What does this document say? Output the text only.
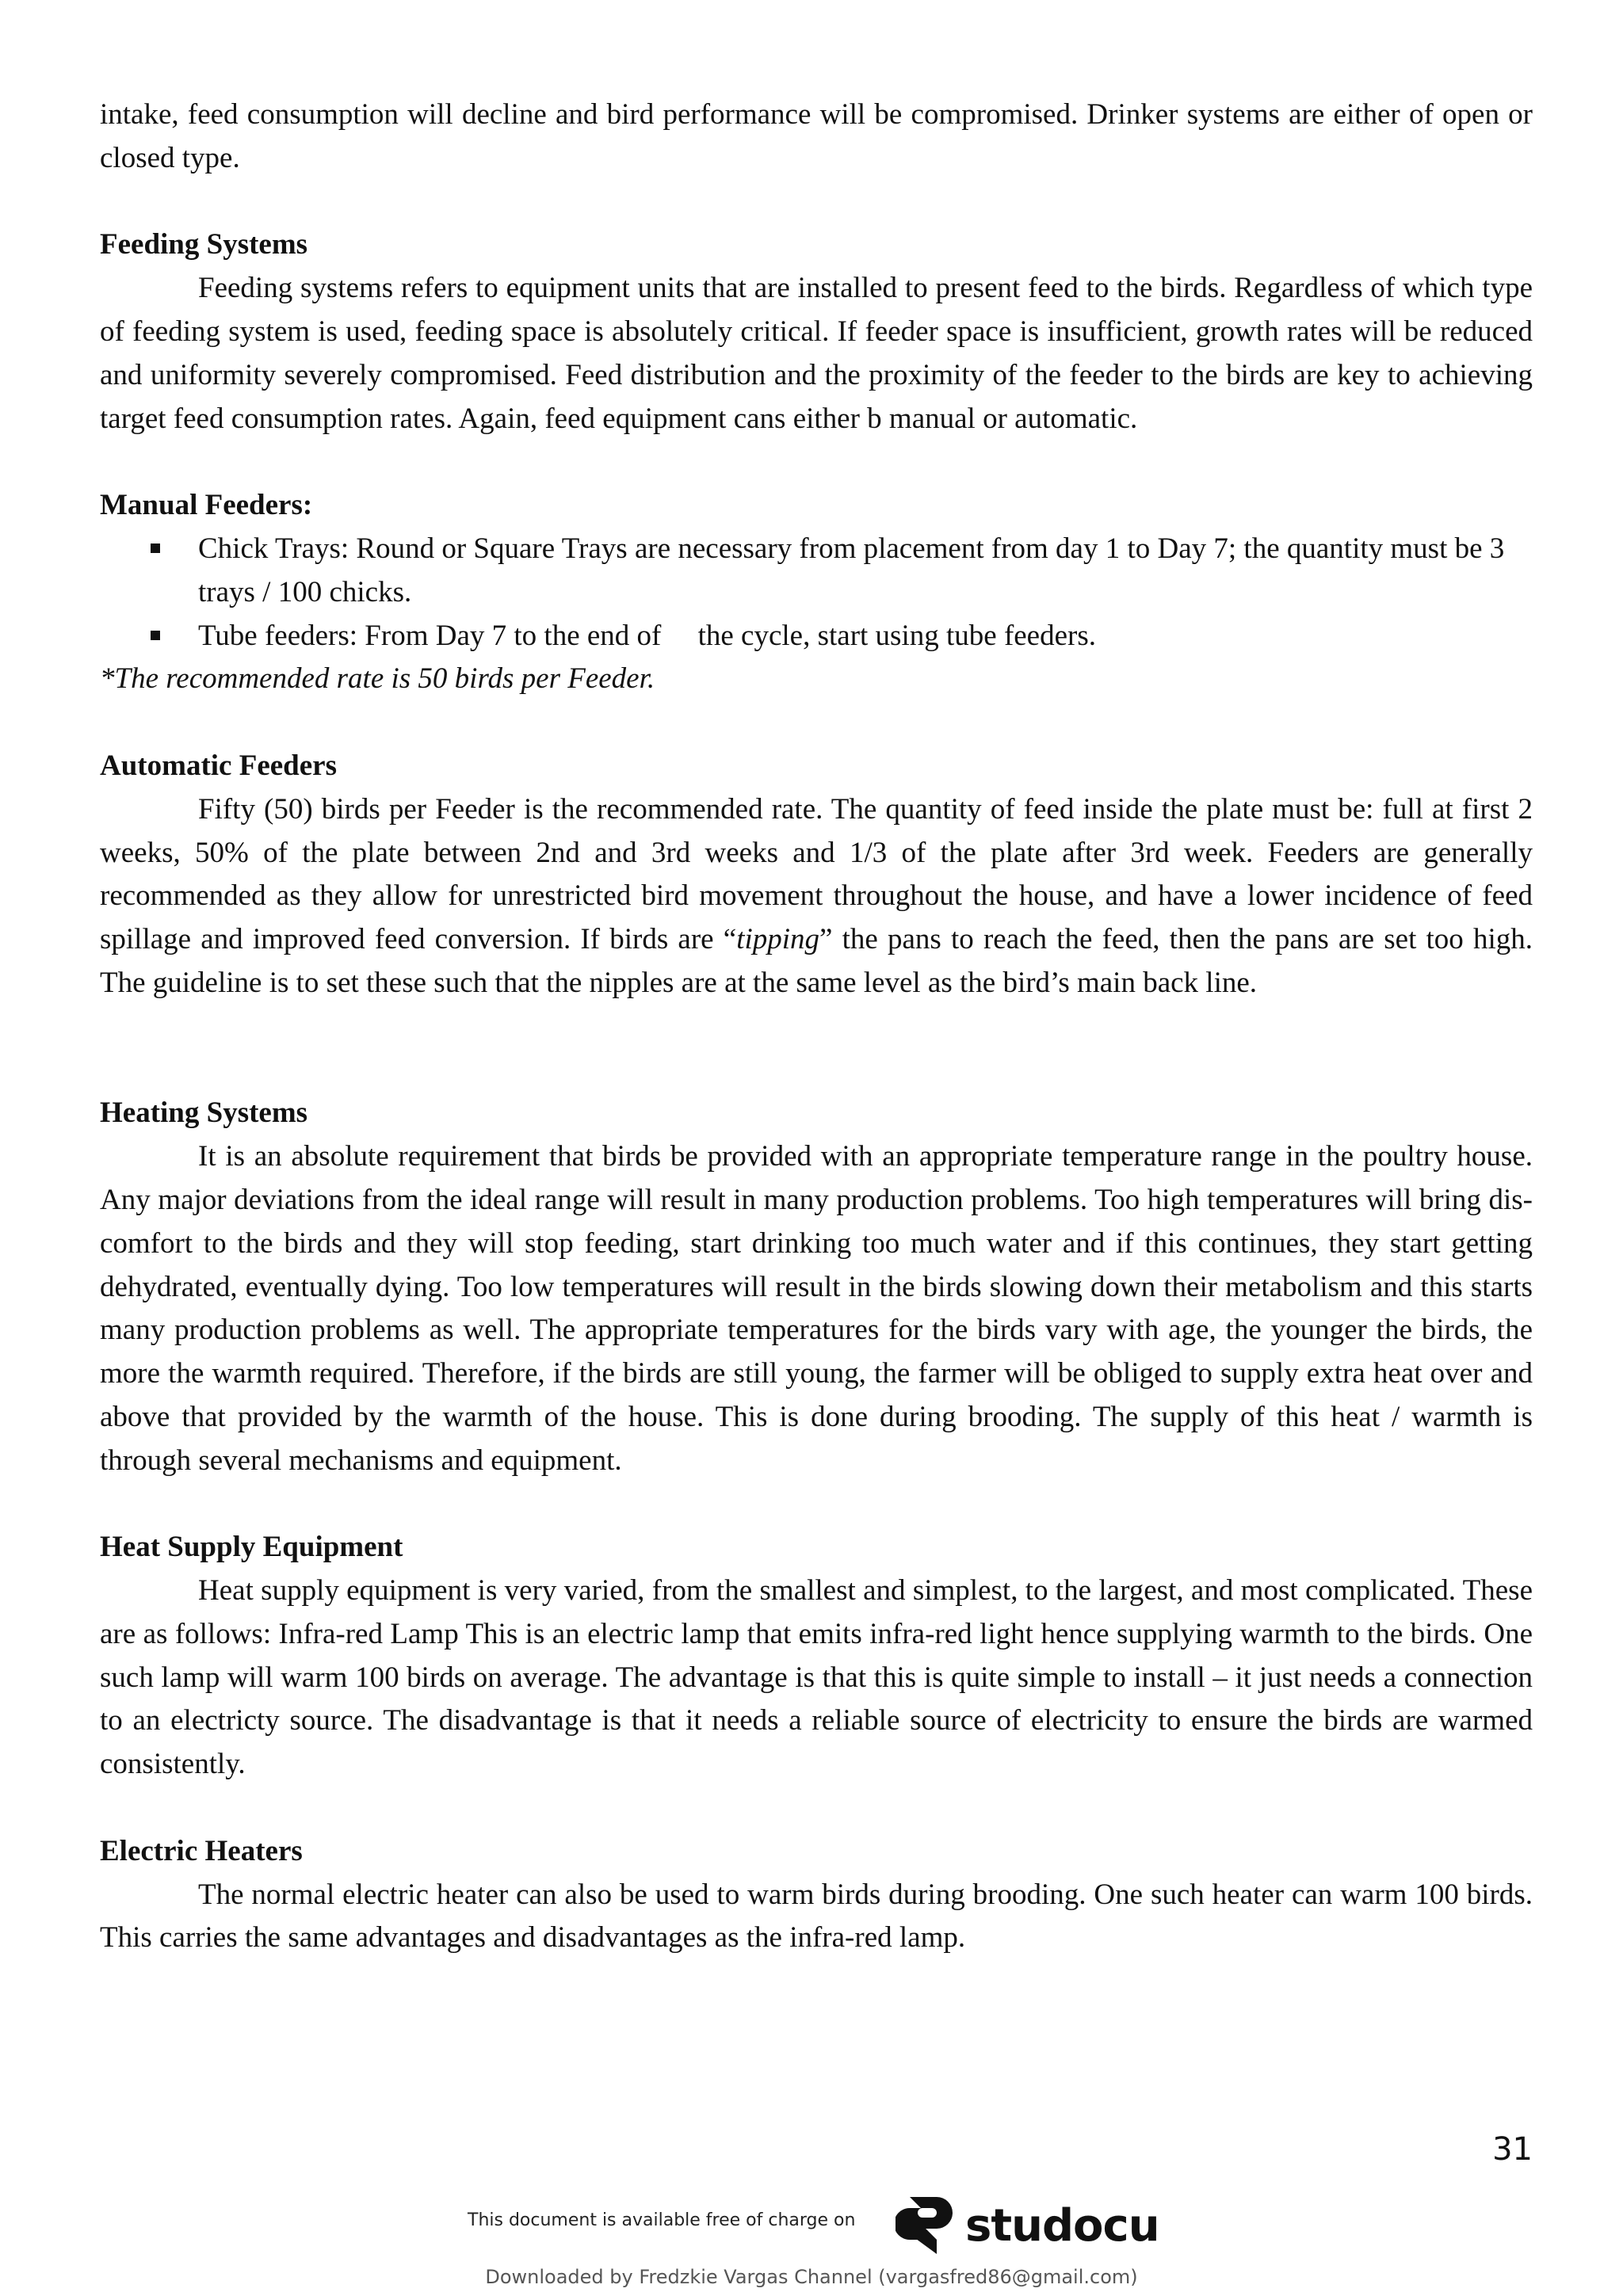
intake, feed consumption will decline and bird performance will be compromised. Drinker systems are either of open or closed type.

Feeding Systems

Feeding systems refers to equipment units that are installed to present feed to the birds. Regardless of which type of feeding system is used, feeding space is absolutely critical. If feeder space is insufficient, growth rates will be reduced and uniformity severely compromised. Feed distribution and the proximity of the feeder to the birds are key to achieving target feed consumption rates. Again, feed equipment cans either b manual or automatic.

Manual Feeders:
Chick Trays: Round or Square Trays are necessary from placement from day 1 to Day 7; the quantity must be 3 trays / 100 chicks.
Tube feeders: From Day 7 to the end of     the cycle, start using tube feeders.

*The recommended rate is 50 birds per Feeder.

Automatic Feeders

Fifty (50) birds per Feeder is the recommended rate. The quantity of feed inside the plate must be: full at first 2 weeks, 50% of the plate between 2nd and 3rd weeks and 1/3 of the plate after 3rd week. Feeders are generally recommended as they allow for unrestricted bird movement throughout the house, and have a lower incidence of feed spillage and improved feed conversion. If birds are “tipping” the pans to reach the feed, then the pans are set too high. The guideline is to set these such that the nipples are at the same level as the bird’s main back line.

Heating Systems

It is an absolute requirement that birds be provided with an appropriate temperature range in the poultry house. Any major deviations from the ideal range will result in many production problems. Too high temperatures will bring dis-comfort to the birds and they will stop feeding, start drinking too much water and if this continues, they start getting dehydrated, eventually dying. Too low temperatures will result in the birds slowing down their metabolism and this starts many production problems as well. The appropriate temperatures for the birds vary with age, the younger the birds, the more the warmth required. Therefore, if the birds are still young, the farmer will be obliged to supply extra heat over and above that provided by the warmth of the house. This is done during brooding. The supply of this heat / warmth is through several mechanisms and equipment.

Heat Supply Equipment

Heat supply equipment is very varied, from the smallest and simplest, to the largest, and most complicated. These are as follows: Infra-red Lamp This is an electric lamp that emits infra-red light hence supplying warmth to the birds. One such lamp will warm 100 birds on average. The advantage is that this is quite simple to install – it just needs a connection to an electricty source. The disadvantage is that it needs a reliable source of electricity to ensure the birds are warmed consistently.

Electric Heaters

The normal electric heater can also be used to warm birds during brooding. One such heater can warm 100 birds. This carries the same advantages and disadvantages as the infra-red lamp.

31
This document is available free of charge on studocu
Downloaded by Fredzkie Vargas Channel (vargasfred86@gmail.com)
